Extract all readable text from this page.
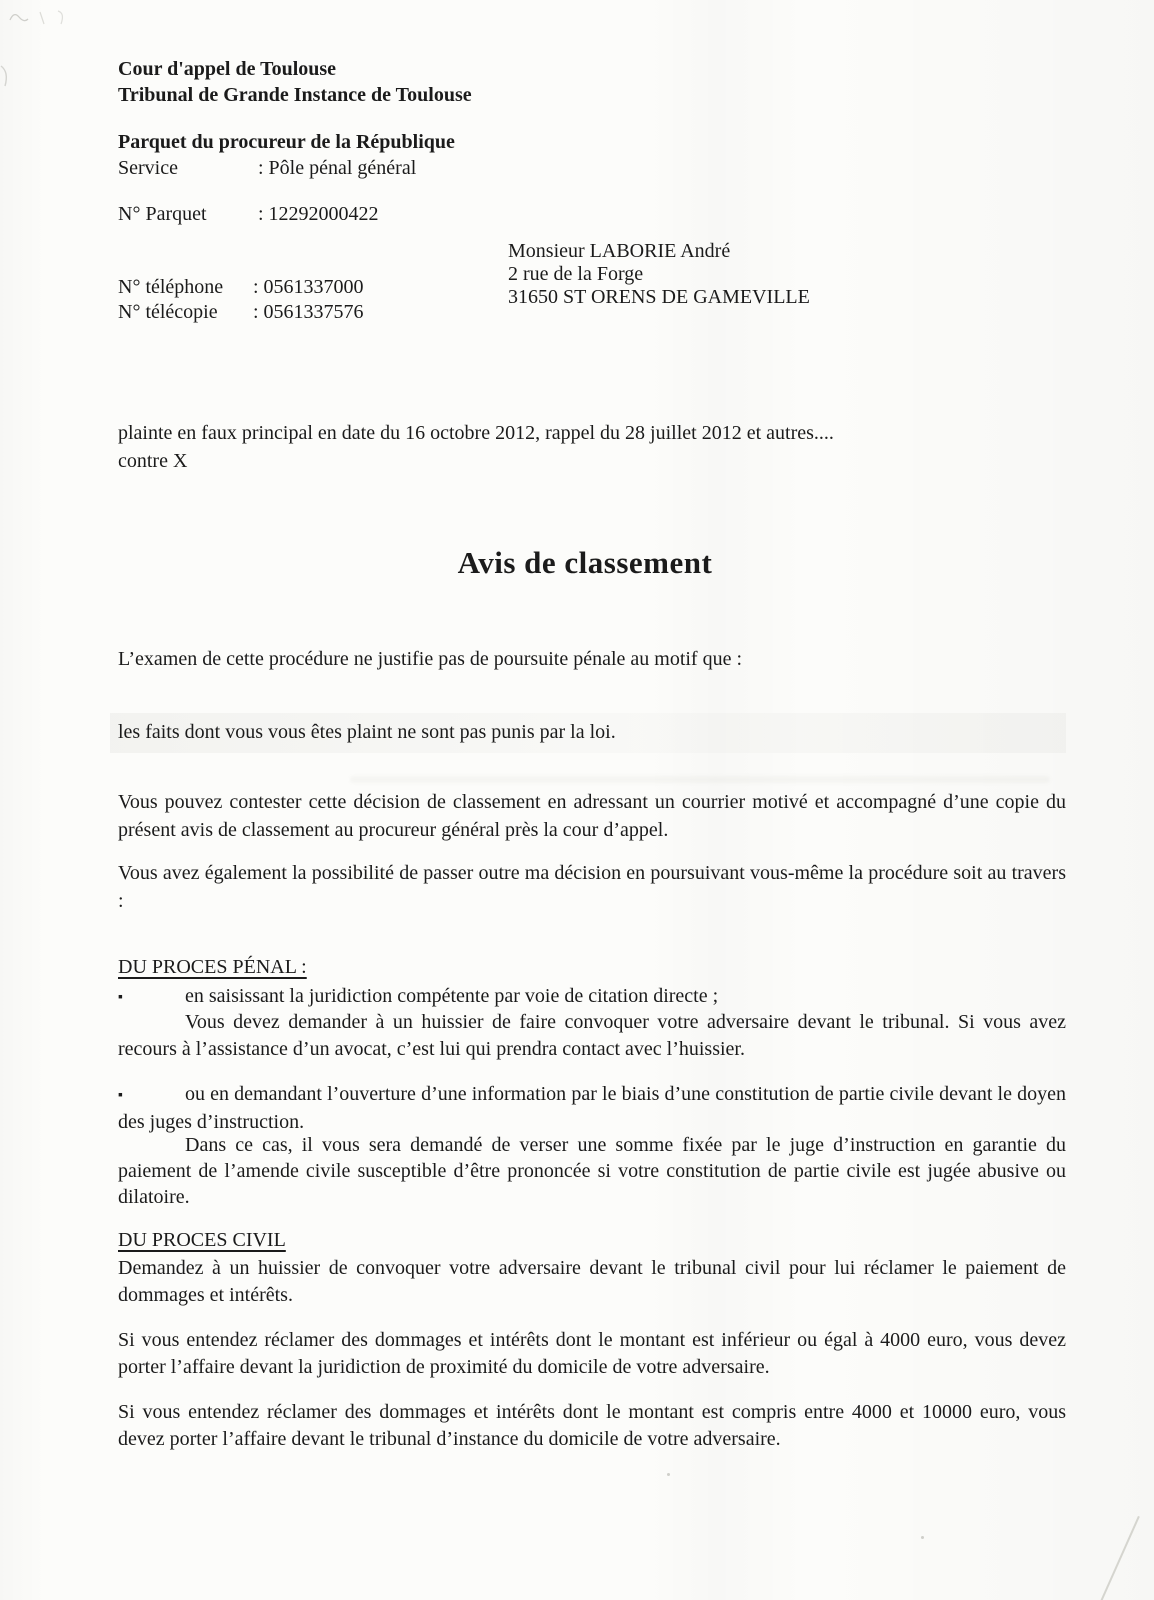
Cour d'appel de Toulouse
Tribunal de Grande Instance de Toulouse
Parquet du procureur de la République
Service	: Pôle pénal général
N° Parquet	: 12292000422
Monsieur LABORIE André
2 rue de la Forge
31650 ST ORENS DE GAMEVILLE
N° téléphone	: 0561337000
N° télécopie	: 0561337576
plainte en faux principal en date du 16 octobre 2012, rappel du 28 juillet 2012 et autres....
contre X
Avis de classement
L’examen de cette procédure ne justifie pas de poursuite pénale au motif que :
les faits dont vous vous êtes plaint ne sont pas punis par la loi.
Vous pouvez contester cette décision de classement en adressant un courrier motivé et accompagné d’une copie du présent avis de classement au procureur général près la cour d’appel.
Vous avez également la possibilité de passer outre ma décision en poursuivant vous-même la procédure soit au travers :
DU PROCES PÉNAL :
▪	en saisissant la juridiction compétente par voie de citation directe ;
Vous devez demander à un huissier de faire convoquer votre adversaire devant le tribunal. Si vous avez recours à l’assistance d’un avocat, c’est lui qui prendra contact avec l’huissier.
▪	ou en demandant l’ouverture d’une information par le biais d’une constitution de partie civile devant le doyen des juges d’instruction.
Dans ce cas, il vous sera demandé de verser une somme fixée par le juge d’instruction en garantie du paiement de l’amende civile susceptible d’être prononcée si votre constitution de partie civile est jugée abusive ou dilatoire.
DU PROCES CIVIL
Demandez à un huissier de convoquer votre adversaire devant le tribunal civil pour lui réclamer le paiement de dommages et intérêts.
Si vous entendez réclamer des dommages et intérêts dont le montant est inférieur ou égal à 4000 euro, vous devez porter l’affaire devant la juridiction de proximité du domicile de votre adversaire.
Si vous entendez réclamer des dommages et intérêts dont le montant est compris entre 4000 et 10000 euro, vous devez porter l’affaire devant le tribunal d’instance du domicile de votre adversaire.
